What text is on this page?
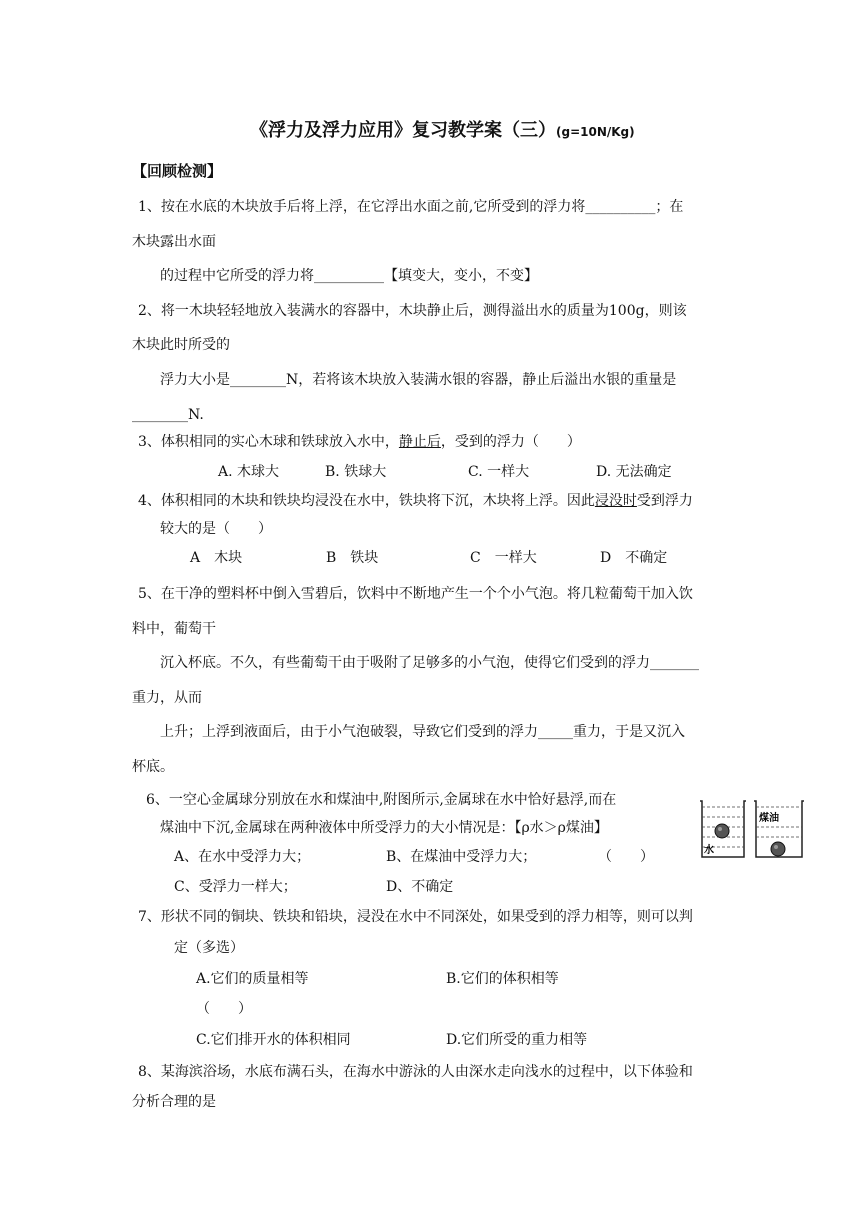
《浮力及浮力应用》复习教学案（三）(g=10N/Kg)
【回顾检测】
1、按在水底的木块放手后将上浮，在它浮出水面之前,它所受到的浮力将__________；在
木块露出水面
的过程中它所受的浮力将__________【填变大，变小，不变】
2、将一木块轻轻地放入装满水的容器中，木块静止后，测得溢出水的质量为100g，则该
木块此时所受的
浮力大小是________N，若将该木块放入装满水银的容器，静止后溢出水银的重量是
________N.
3、体积相同的实心木球和铁球放入水中，静止后，受到的浮力（　　）
A. 木球大	B. 铁球大	C. 一样大	D. 无法确定
4、体积相同的木块和铁块均浸没在水中，铁块将下沉，木块将上浮。因此浸没时受到浮力
较大的是（　　）
A　木块	B　铁块	C　一样大	D　不确定
5、在干净的塑料杯中倒入雪碧后，饮料中不断地产生一个个小气泡。将几粒葡萄干加入饮
料中，葡萄干
沉入杯底。不久，有些葡萄干由于吸附了足够多的小气泡，使得它们受到的浮力_______
重力，从而
上升；上浮到液面后，由于小气泡破裂，导致它们受到的浮力_____重力，于是又沉入
杯底。
6、一空心金属球分别放在水和煤油中,附图所示,金属球在水中恰好悬浮,而在
煤油中下沉,金属球在两种液体中所受浮力的大小情况是：【ρ水＞ρ煤油】
A、在水中受浮力大；	B、在煤油中受浮力大；	（　　）
C、受浮力一样大；	D、不确定
水
煤油
7、形状不同的铜块、铁块和铅块，浸没在水中不同深处，如果受到的浮力相等，则可以判
定（多选）
A.它们的质量相等	B.它们的体积相等
（　　）
C.它们排开水的体积相同	D.它们所受的重力相等
8、某海滨浴场，水底布满石头，在海水中游泳的人由深水走向浅水的过程中，以下体验和
分析合理的是
